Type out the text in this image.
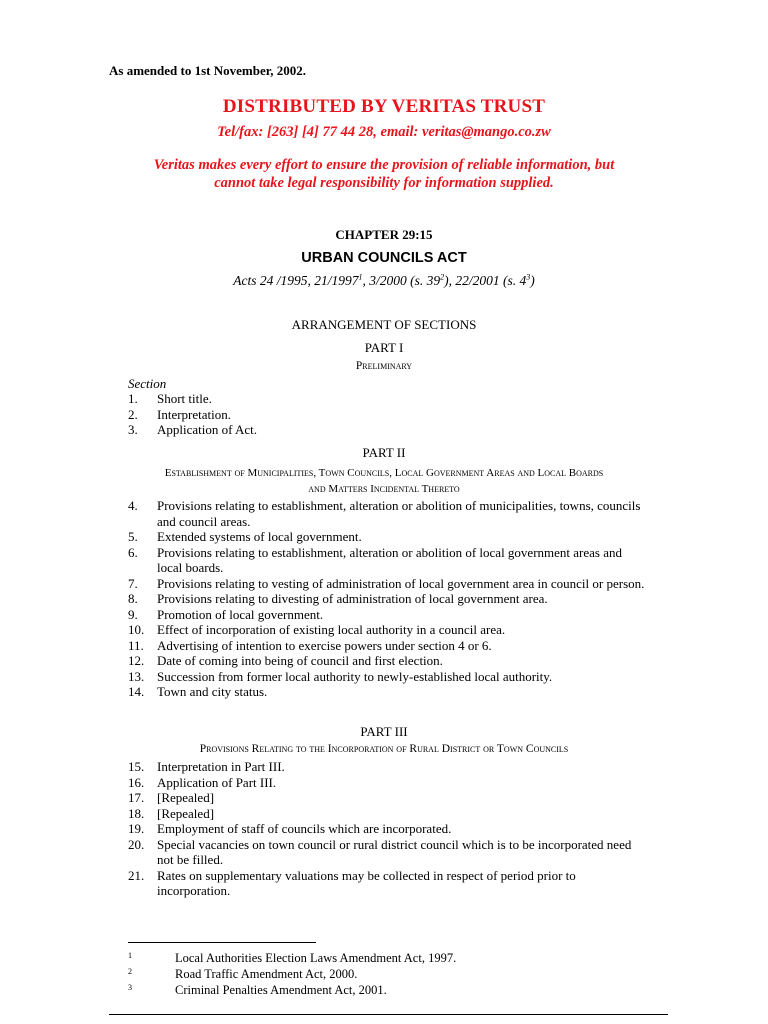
As amended to 1st November, 2002.
DISTRIBUTED BY VERITAS TRUST
Tel/fax: [263] [4] 77 44 28, email: veritas@mango.co.zw
Veritas makes every effort to ensure the provision of reliable information, but
cannot take legal responsibility for information supplied.
CHAPTER 29:15
URBAN COUNCILS ACT
Acts 24 /1995, 21/1997$^1$, 3/2000 (s. $39^2$), 22/2001 (s. $4^3$)
ARRANGEMENT OF SECTIONS
PART I
Preliminary
Section
1. Short title.
2. Interpretation.
3. Application of Act.
PART II
Establishment of Municipalities, Town Councils, Local Government Areas and Local Boards
and Matters Incidental Thereto
4. Provisions relating to establishment, alteration or abolition of municipalities, towns, councils and council areas.
5. Extended systems of local government.
6. Provisions relating to establishment, alteration or abolition of local government areas and local boards.
7. Provisions relating to vesting of administration of local government area in council or person.
8. Provisions relating to divesting of administration of local government area.
9. Promotion of local government.
10. Effect of incorporation of existing local authority in a council area.
11. Advertising of intention to exercise powers under section 4 or 6.
12. Date of coming into being of council and first election.
13. Succession from former local authority to newly-established local authority.
14. Town and city status.
PART III
Provisions Relating to the Incorporation of Rural District or Town Councils
15. Interpretation in Part III.
16. Application of Part III.
17. [Repealed]
18. [Repealed]
19. Employment of staff of councils which are incorporated.
20. Special vacancies on town council or rural district council which is to be incorporated need not be filled.
21. Rates on supplementary valuations may be collected in respect of period prior to incorporation.
1	Local Authorities Election Laws Amendment Act, 1997.
2	Road Traffic Amendment Act, 2000.
3	Criminal Penalties Amendment Act, 2001.
